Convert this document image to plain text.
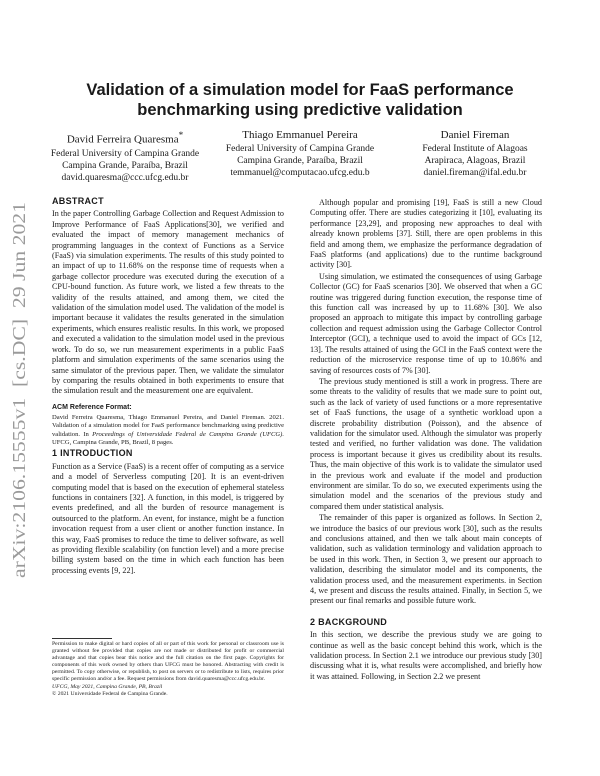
arXiv:2106.15555v1  [cs.DC]  29 Jun 2021
Validation of a simulation model for FaaS performance benchmarking using predictive validation
David Ferreira Quaresma*
Federal University of Campina Grande
Campina Grande, Paraíba, Brazil
david.quaresma@ccc.ufcg.edu.br
Thiago Emmanuel Pereira
Federal University of Campina Grande
Campina Grande, Paraíba, Brazil
temmanuel@computacao.ufcg.edu.b
Daniel Fireman
Federal Institute of Alagoas
Arapiraca, Alagoas, Brazil
daniel.fireman@ifal.edu.br
ABSTRACT

In the paper Controlling Garbage Collection and Request Admission to Improve Performance of FaaS Applications[30], we verified and evaluated the impact of memory management mechanics of programming languages in the context of Functions as a Service (FaaS) via simulation experiments. The results of this study pointed to an impact of up to 11.68% on the response time of requests when a garbage collector procedure was executed during the execution of a CPU-bound function. As future work, we listed a few threats to the validity of the results attained, and among them, we cited the validation of the simulation model used. The validation of the model is important because it validates the results generated in the simulation experiments, which ensures realistic results. In this work, we proposed and executed a validation to the simulation model used in the previous work. To do so, we run measurement experiments in a public FaaS platform and simulation experiments of the same scenarios using the same simulator of the previous paper. Then, we validate the simulator by comparing the results obtained in both experiments to ensure that the simulation result and the measurement one are equivalent.

ACM Reference Format:

David Ferreira Quaresma, Thiago Emmanuel Pereira, and Daniel Fireman. 2021. Validation of a simulation model for FaaS performance benchmarking using predictive validation. In Proceedings of Universidade Federal de Campina Grande (UFCG). UFCG, Campina Grande, PB, Brazil, 8 pages.

1 INTRODUCTION

Function as a Service (FaaS) is a recent offer of computing as a service and a model of Serverless computing [20]. It is an event-driven computing model that is based on the execution of ephemeral stateless functions in containers [32]. A function, in this model, is triggered by events predefined, and all the burden of resource management is outsourced to the platform. An event, for instance, might be a function invocation request from a user client or another function instance. In this way, FaaS promises to reduce the time to deliver software, as well as providing flexible scalability (on function level) and a more precise billing system based on the time in which each function has been processing events [9, 22].

Permission to make digital or hard copies of all or part of this work for personal or classroom use is granted without fee provided that copies are not made or distributed for profit or commercial advantage and that copies bear this notice and the full citation on the first page. Copyrights for components of this work owned by others than UFCG must be honored. Abstracting with credit is permitted. To copy otherwise, or republish, to post on servers or to redistribute to lists, requires prior specific permission and/or a fee. Request permissions from david.quaresma@ccc.ufcg.edu.br.
UFCG, May 2021, Campina Grande, PB, Brazil
© 2021 Universidade Federal de Campina Grande.

Although popular and promising [19], FaaS is still a new Cloud Computing offer. There are studies categorizing it [10], evaluating its performance [23,29], and proposing new approaches to deal with already known problems [37]. Still, there are open problems in this field and among them, we emphasize the performance degradation of FaaS platforms (and applications) due to the runtime background activity [30].

Using simulation, we estimated the consequences of using Garbage Collector (GC) for FaaS scenarios [30]. We observed that when a GC routine was triggered during function execution, the response time of this function call was increased by up to 11.68% [30]. We also proposed an approach to mitigate this impact by controlling garbage collection and request admission using the Garbage Collector Control Interceptor (GCI), a technique used to avoid the impact of GCs [12, 13]. The results attained of using the GCI in the FaaS context were the reduction of the microservice response time of up to 10.86% and saving of resources costs of 7% [30].

The previous study mentioned is still a work in progress. There are some threats to the validity of results that we made sure to point out, such as the lack of variety of used functions or a more representative set of FaaS functions, the usage of a synthetic workload upon a discrete probability distribution (Poisson), and the absence of validation for the simulator used. Although the simulator was properly tested and verified, no further validation was done. The validation process is important because it gives us credibility about its results. Thus, the main objective of this work is to validate the simulator used in the previous work and evaluate if the model and production environment are similar. To do so, we executed experiments using the simulation model and the scenarios of the previous study and compared them under statistical analysis.

The remainder of this paper is organized as follows. In Section 2, we introduce the basics of our previous work [30], such as the results and conclusions attained, and then we talk about main concepts of validation, such as validation terminology and validation approach to be used in this work. Then, in Section 3, we present our approach to validation, describing the simulator model and its components, the validation process used, and the measurement experiments. in Section 4, we present and discuss the results attained. Finally, in Section 5, we present our final remarks and possible future work.

2 BACKGROUND

In this section, we describe the previous study we are going to continue as well as the basic concept behind this work, which is the validation process. In Section 2.1 we introduce our previous study [30] discussing what it is, what results were accomplished, and briefly how it was attained. Following, in Section 2.2 we present
